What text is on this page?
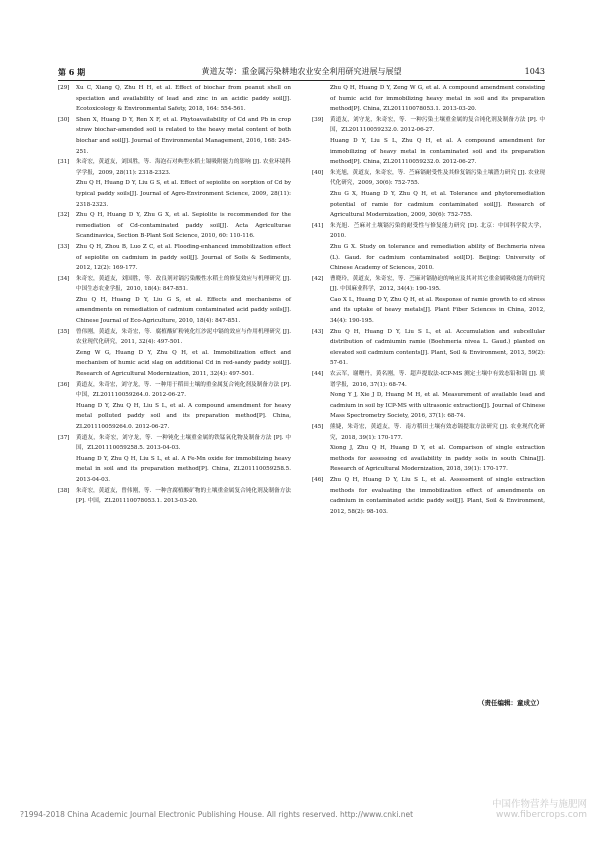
第 6 期	黄道友等：重金属污染耕地农业安全利用研究进展与展望	1043
[29] Xu C, Xiang Q, Zhu H H, et al. Effect of biochar from peanut shell on speciation and availability of lead and zinc in an acidic paddy soil[J]. Ecotoxicology & Environmental Safety, 2018, 164: 554-561.
[30] Shen X, Huang D Y, Ren X F, et al. Phytoavailability of Cd and Pb in crop straw biochar-amended soil is related to the heavy metal content of both biochar and soil[J]. Journal of Environmental Management, 2016, 168: 245-251.
[31] 朱奇宏，黄道友，刘国胜，等．海泡石对典型水稻土镉吸附能力的影响 [J]. 农业环境科学学报，2009, 28(11): 2318-2323.
Zhu Q H, Huang D Y, Liu G S, et al. Effect of sepiolite on sorption of Cd by typical paddy soils[J]. Journal of Agro-Environment Science, 2009, 28(11): 2318-2323.
[32] Zhu Q H, Huang D Y, Zhu G X, et al. Sepiolite is recommended for the remediation of Cd-contaminated paddy soil[J]. Acta Agriculturae Scandinavica, Section B-Plant Soil Science, 2010, 60: 110-116.
[33] Zhu Q H, Zhou B, Luo Z C, et al. Flooding-enhanced immobilization effect of sepiolite on cadmium in paddy soil[J]. Journal of Soils & Sediments, 2012, 12(2): 169-177.
[34] 朱奇宏，黄道友，刘国胜，等．改良剂对镉污染酸性水稻土的修复效应与机理研究 [J]. 中国生态农业学报，2010, 18(4): 847-851.
Zhu Q H, Huang D Y, Liu G S, et al. Effects and mechanisms of amendments on remediation of cadmium contaminated acid paddy soils[J]. Chinese Journal of Eco-Agriculture, 2010, 18(4): 847-851.
[35] 曾伟刚，黄道友，朱奇宏，等．腐植酸矿粉钝化红沙泥中镉的效应与作用机理研究 [J]. 农业现代化研究，2011, 32(4): 497-501.
Zeng W G, Huang D Y, Zhu Q H, et al. Immobilization effect and mechanism of humic acid slag on additional Cd in red-sandy paddy soil[J]. Research of Agricultural Modernization, 2011, 32(4): 497-501.
[36] 黄道友，朱奇宏，刘守龙，等．一种用于稻田土壤的重金属复合钝化剂及制备方法 [P]. 中国，ZL201110059264.0. 2012-06-27.
Huang D Y, Zhu Q H, Liu S L, et al. A compound amendment for heavy metal polluted paddy soil and its preparation method[P]. China, ZL201110059264.0. 2012-06-27.
[37] 黄道友，朱奇宏，刘守龙，等．一种钝化土壤重金属的铁锰氧化物及制备方法 [P]. 中国，ZL201110059258.5. 2013-04-03.
Huang D Y, Zhu Q H, Liu S L, et al. A Fe-Mn oxide for immobilizing heavy metal in soil and its preparation method[P]. China, ZL201110059258.5. 2013-04-03.
[38] 朱奇宏，黄道友，曾伟刚，等．一种含腐植酸矿物的土壤重金属复合钝化剂及制备方法 [P]. 中国，ZL201110078053.1. 2013-03-20.
Zhu Q H, Huang D Y, Zeng W G, et al. A compound amendment consisting of humic acid for immobilizing heavy metal in soil and its preparation method[P]. China, ZL201110078053.1. 2013-03-20.
[39] 黄道友，刘守龙，朱奇宏，等．一种污染土壤重金属的复合钝化剂及制备方法 [P]. 中国，ZL201110059232.0. 2012-06-27.
Huang D Y, Liu S L, Zhu Q H, et al. A compound amendment for immobilizing of heavy metal in contaminated soil and its preparation method[P]. China, ZL201110059232.0. 2012-06-27.
[40] 朱光旭，黄道友，朱奇宏，等．苎麻镉耐受性及其修复镉污染土壤潜力研究 [J]. 农业现代化研究，2009, 30(6): 752-755.
Zhu G X, Huang D Y, Zhu Q H, et al. Tolerance and phytoremediation potential of ramie for cadmium contaminated soil[J]. Research of Agricultural Modernization, 2009, 30(6): 752-755.
[41] 朱光旭．苎麻对土壤镉污染的耐受性与修复能力研究 [D]. 北京：中国科学院大学，2010.
Zhu G X. Study on tolerance and remediation ability of Bechmeria nivea (L). Gaud. for cadmium contaminated soil[D]. Beijing: University of Chinese Academy of Sciences, 2010.
[42] 曹晓玲，黄道友，朱奇宏，等．苎麻对镉胁迫的响应及其对其它重金属吸收能力的研究 [J]. 中国麻业科学，2012, 34(4): 190-195.
Cao X L, Huang D Y, Zhu Q H, et al. Response of ramie growth to cd stress and its uptake of heavy metals[J]. Plant Fiber Sciences in China, 2012, 34(4): 190-195.
[43] Zhu Q H, Huang D Y, Liu S L, et al. Accumulation and subcellular distribution of cadmiumin ramie (Boehmeria nivea L. Gaud.) planted on elevated soil cadmium contents[J]. Plant, Soil & Environment, 2013, 59(2): 57-61.
[44] 农云军，谢曙丹，黄名刚，等．超声提取法-ICP-MS 测定土壤中有效态铅和镉 [J]. 质谱学报，2016, 37(1): 68-74.
Nong Y J, Xie J D, Huang M H, et al. Measurement of available lead and cadmium in soil by ICP-MS with ultrasonic extraction[J]. Journal of Chinese Mass Spectrometry Society, 2016, 37(1): 68-74.
[45] 熊婕，朱奇宏，黄道友，等．南方稻田土壤有效态镉提取方法研究 [J]. 农业现代化研究，2018, 39(1): 170-177.
Xiong J, Zhu Q H, Huang D Y, et al. Comparison of single extraction methods for assessing cd availability in paddy soils in south China[J]. Research of Agricultural Modernization, 2018, 39(1): 170-177.
[46] Zhu Q H, Huang D Y, Liu S L, et al. Assessment of single extraction methods for evaluating the immobilization effect of amendments on cadmium in contaminated acidic paddy soil[J]. Plant, Soil & Environment, 2012, 58(2): 98-103.
（责任编辑：童成立）
?1994-2018 China Academic Journal Electronic Publishing House. All rights reserved. http://www.cnki.net
中国作物营养与施肥网
www.fibercrops.com
